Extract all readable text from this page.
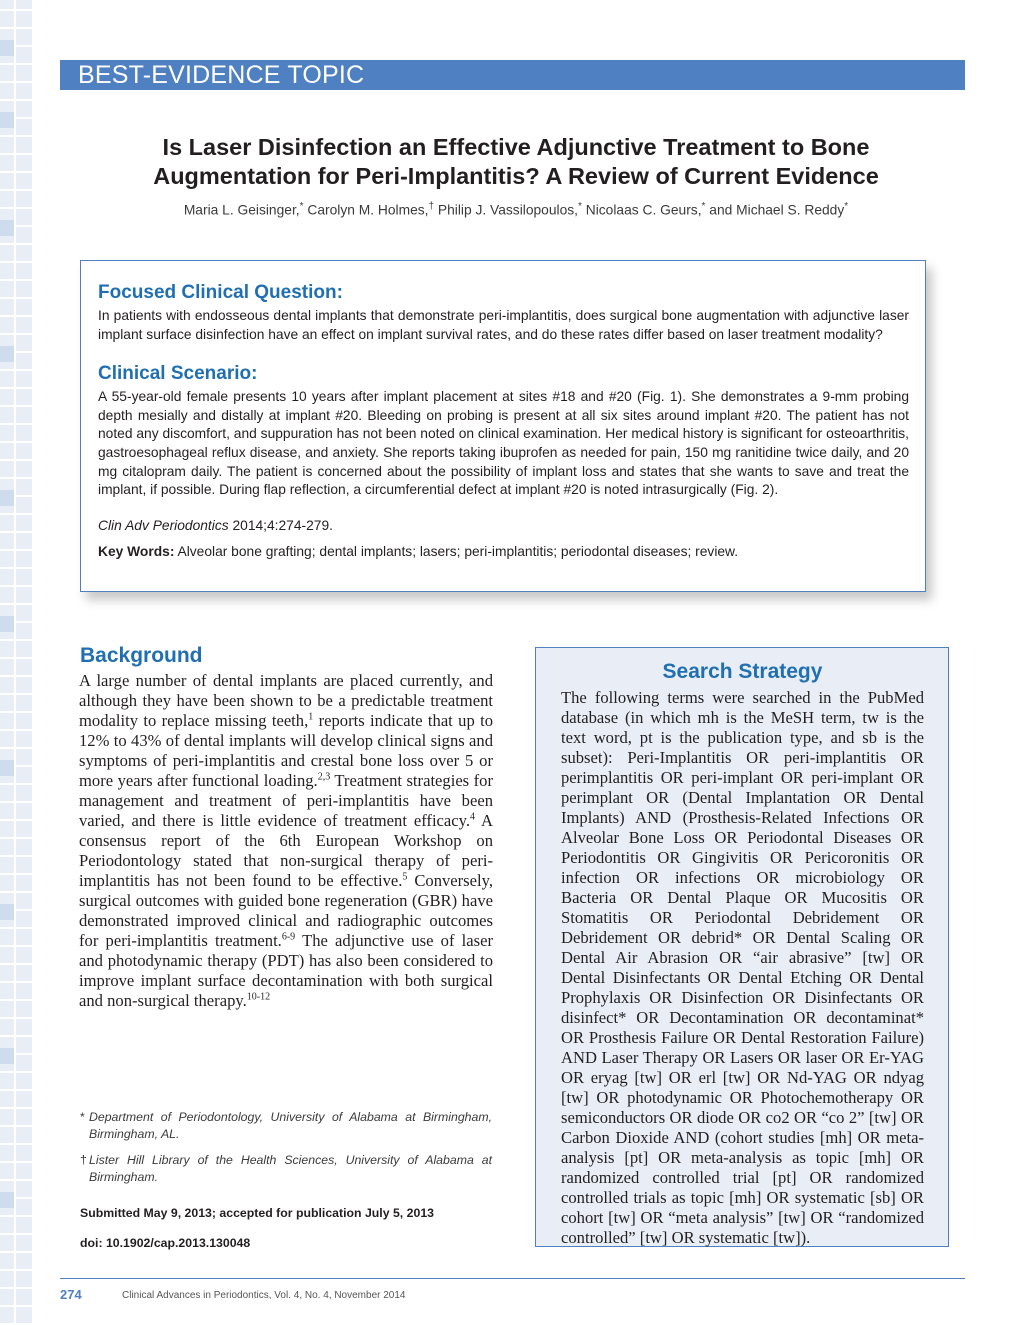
BEST-EVIDENCE TOPIC
Is Laser Disinfection an Effective Adjunctive Treatment to Bone
Augmentation for Peri-Implantitis? A Review of Current Evidence
Maria L. Geisinger,* Carolyn M. Holmes,† Philip J. Vassilopoulos,* Nicolaas C. Geurs,* and Michael S. Reddy*
Focused Clinical Question:

In patients with endosseous dental implants that demonstrate peri-implantitis, does surgical bone augmentation with adjunctive laser implant surface disinfection have an effect on implant survival rates, and do these rates differ based on laser treatment modality?

Clinical Scenario:

A 55-year-old female presents 10 years after implant placement at sites #18 and #20 (Fig. 1). She demonstrates a 9-mm probing depth mesially and distally at implant #20. Bleeding on probing is present at all six sites around implant #20. The patient has not noted any discomfort, and suppuration has not been noted on clinical examination. Her medical history is significant for osteoarthritis, gastroesophageal reflux disease, and anxiety. She reports taking ibuprofen as needed for pain, 150 mg ranitidine twice daily, and 20 mg citalopram daily. The patient is concerned about the possibility of implant loss and states that she wants to save and treat the implant, if possible. During flap reflection, a circumferential defect at implant #20 is noted intrasurgically (Fig. 2).

Clin Adv Periodontics 2014;4:274-279.

Key Words: Alveolar bone grafting; dental implants; lasers; peri-implantitis; periodontal diseases; review.

Background
A large number of dental implants are placed currently, and although they have been shown to be a predictable treatment modality to replace missing teeth,$^1$ reports indicate that up to 12% to 43% of dental implants will develop clinical signs and symptoms of peri-implantitis and crestal bone loss over 5 or more years after functional loading.$^{2,3}$ Treatment strategies for management and treatment of peri-implantitis have been varied, and there is little evidence of treatment efficacy.$^4$ A consensus report of the 6th European Workshop on Periodontology stated that non-surgical therapy of peri-implantitis has not been found to be effective.$^5$ Conversely, surgical outcomes with guided bone regeneration (GBR) have demonstrated improved clinical and radiographic outcomes for peri-implantitis treatment.$^{6-9}$ The adjunctive use of laser and photodynamic therapy (PDT) has also been considered to improve implant surface decontamination with both surgical and non-surgical therapy.$^{10-12}$
* Department of Periodontology, University of Alabama at Birmingham, Birmingham, AL.
† Lister Hill Library of the Health Sciences, University of Alabama at Birmingham.
Submitted May 9, 2013; accepted for publication July 5, 2013
doi: 10.1902/cap.2013.130048
Search Strategy

The following terms were searched in the PubMed database (in which mh is the MeSH term, tw is the text word, pt is the publication type, and sb is the subset): Peri-Implantitis OR peri-implantitis OR perimplantitis OR peri-implant OR peri-implant OR perimplant OR (Dental Implantation OR Dental Implants) AND (Prosthesis-Related Infections OR Alveolar Bone Loss OR Periodontal Diseases OR Periodontitis OR Gingivitis OR Pericoronitis OR infection OR infections OR microbiology OR Bacteria OR Dental Plaque OR Mucositis OR Stomatitis OR Periodontal Debridement OR Debridement OR debrid* OR Dental Scaling OR Dental Air Abrasion OR “air abrasive” [tw] OR Dental Disinfectants OR Dental Etching OR Dental Prophylaxis OR Disinfection OR Disinfectants OR disinfect* OR Decontamination OR decontaminat* OR Prosthesis Failure OR Dental Restoration Failure) AND Laser Therapy OR Lasers OR laser OR Er-YAG OR eryag [tw] OR erl [tw] OR Nd-YAG OR ndyag [tw] OR photodynamic OR Photochemotherapy OR semiconductors OR diode OR co2 OR “co 2” [tw] OR Carbon Dioxide AND (cohort studies [mh] OR meta-analysis [pt] OR meta-analysis as topic [mh] OR randomized controlled trial [pt] OR randomized controlled trials as topic [mh] OR systematic [sb] OR cohort [tw] OR “meta analysis” [tw] OR “randomized controlled” [tw] OR systematic [tw]).

274	Clinical Advances in Periodontics, Vol. 4, No. 4, November 2014
